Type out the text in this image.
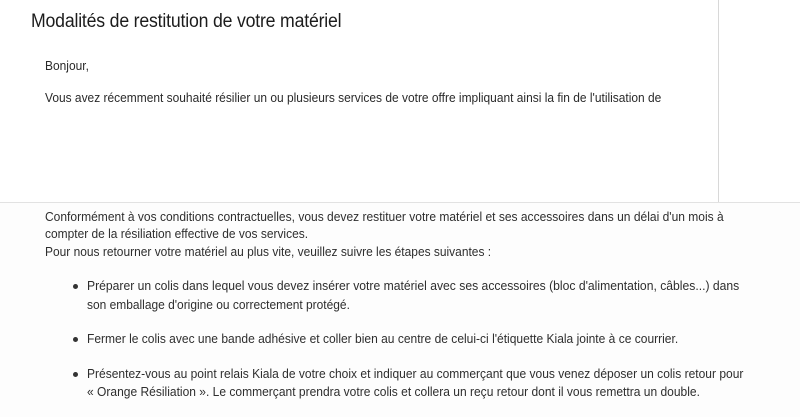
Modalités de restitution de votre matériel

Bonjour,

Vous avez récemment souhaité résilier un ou plusieurs services de votre offre impliquant ainsi la fin de l'utilisation de

Conformément à vos conditions contractuelles, vous devez restituer votre matériel et ses accessoires dans un délai d'un mois à

compter de la résiliation effective de vos services.

Pour nous retourner votre matériel au plus vite, veuillez suivre les étapes suivantes :

Préparer un colis dans lequel vous devez insérer votre matériel avec ses accessoires (bloc d'alimentation, câbles...) dans
son emballage d'origine ou correctement protégé.
Fermer le colis avec une bande adhésive et coller bien au centre de celui-ci l'étiquette Kiala jointe à ce courrier.
Présentez-vous au point relais Kiala de votre choix et indiquer au commerçant que vous venez déposer un colis retour pour
« Orange Résiliation ». Le commerçant prendra votre colis et collera un reçu retour dont il vous remettra un double.
